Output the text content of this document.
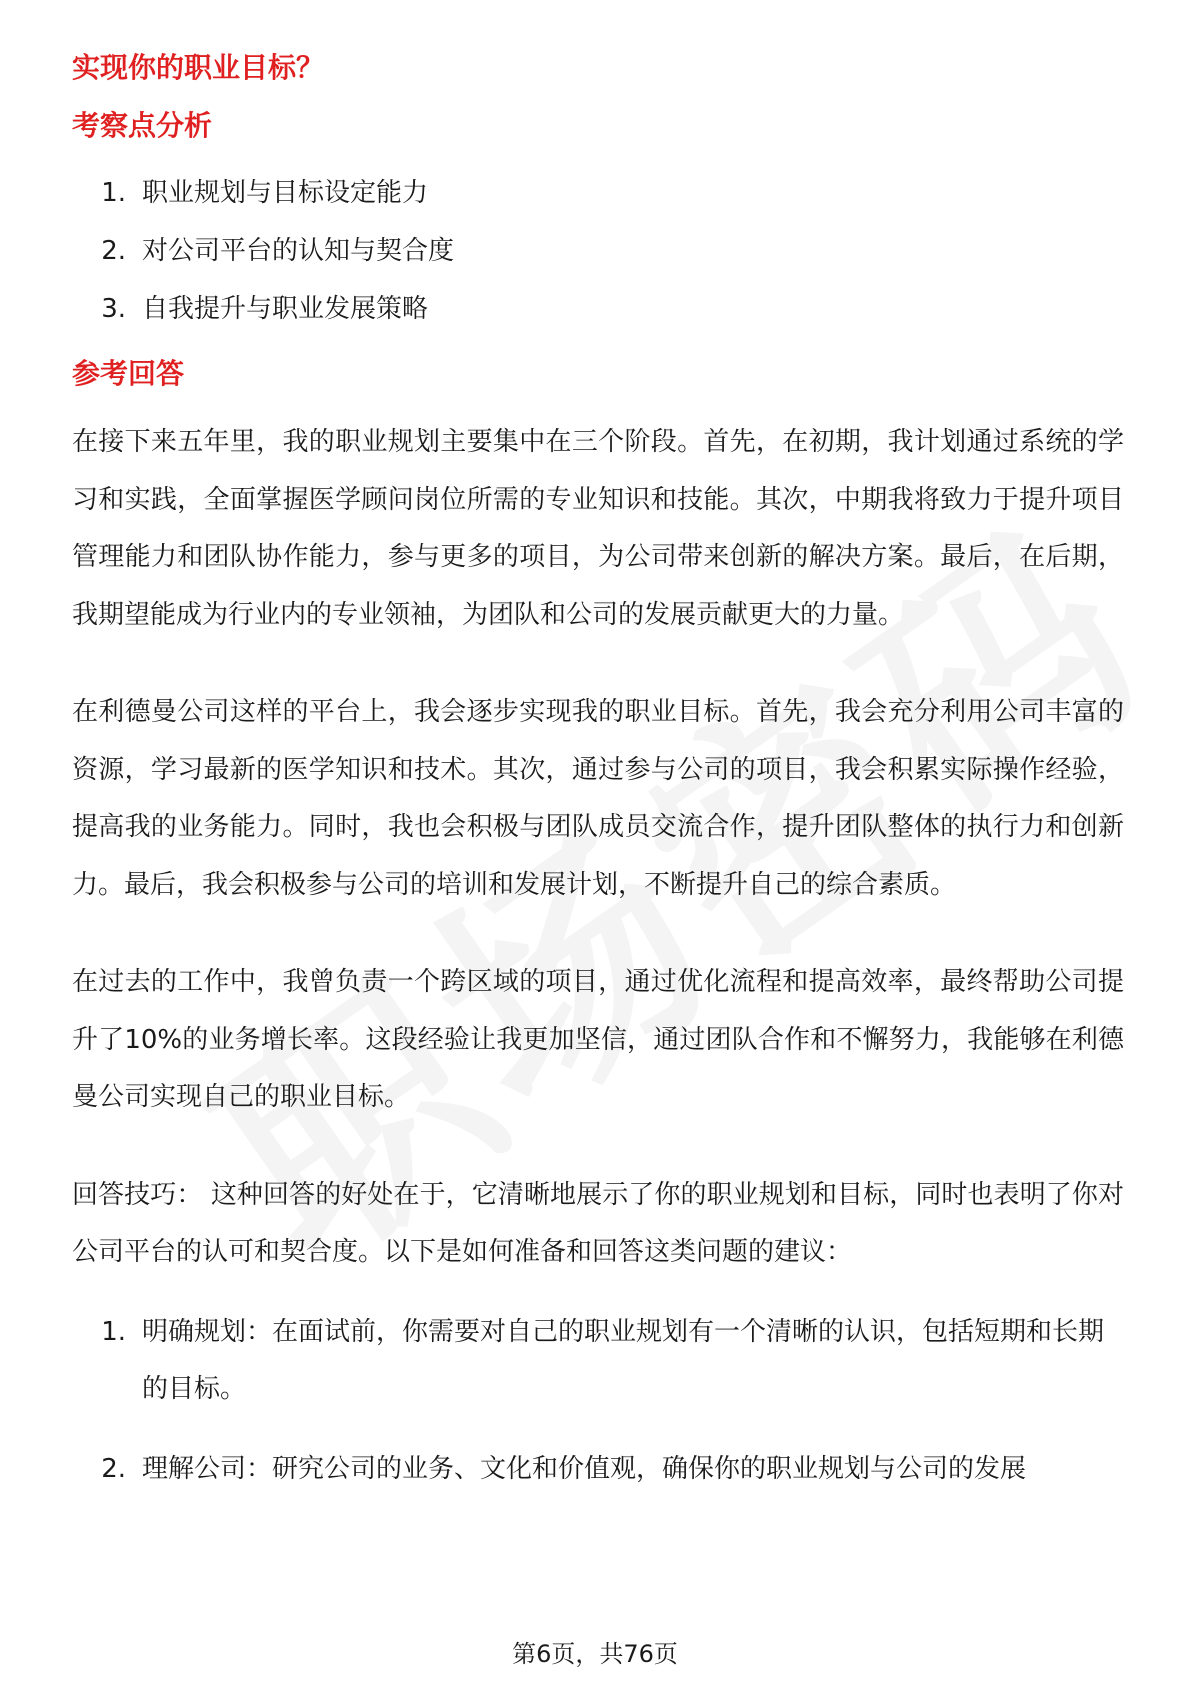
实现你的职业目标？
考察点分析
1. 职业规划与目标设定能力
2. 对公司平台的认知与契合度
3. 自我提升与职业发展策略
参考回答

在接下来五年里，我的职业规划主要集中在三个阶段。首先，在初期，我计划通过系统的学习和实践，全面掌握医学顾问岗位所需的专业知识和技能。其次，中期我将致力于提升项目管理能力和团队协作能力，参与更多的项目，为公司带来创新的解决方案。最后，在后期，我期望能成为行业内的专业领袖，为团队和公司的发展贡献更大的力量。

在利德曼公司这样的平台上，我会逐步实现我的职业目标。首先，我会充分利用公司丰富的资源，学习最新的医学知识和技术。其次，通过参与公司的项目，我会积累实际操作经验，提高我的业务能力。同时，我也会积极与团队成员交流合作，提升团队整体的执行力和创新力。最后，我会积极参与公司的培训和发展计划，不断提升自己的综合素质。

在过去的工作中，我曾负责一个跨区域的项目，通过优化流程和提高效率，最终帮助公司提升了10%的业务增长率。这段经验让我更加坚信，通过团队合作和不懈努力，我能够在利德曼公司实现自己的职业目标。

回答技巧： 这种回答的好处在于，它清晰地展示了你的职业规划和目标，同时也表明了你对公司平台的认可和契合度。以下是如何准备和回答这类问题的建议：

1. 明确规划：在面试前，你需要对自己的职业规划有一个清晰的认识，包括短期和长期的目标。
2. 理解公司：研究公司的业务、文化和价值观，确保你的职业规划与公司的发展
第6页，共76页
